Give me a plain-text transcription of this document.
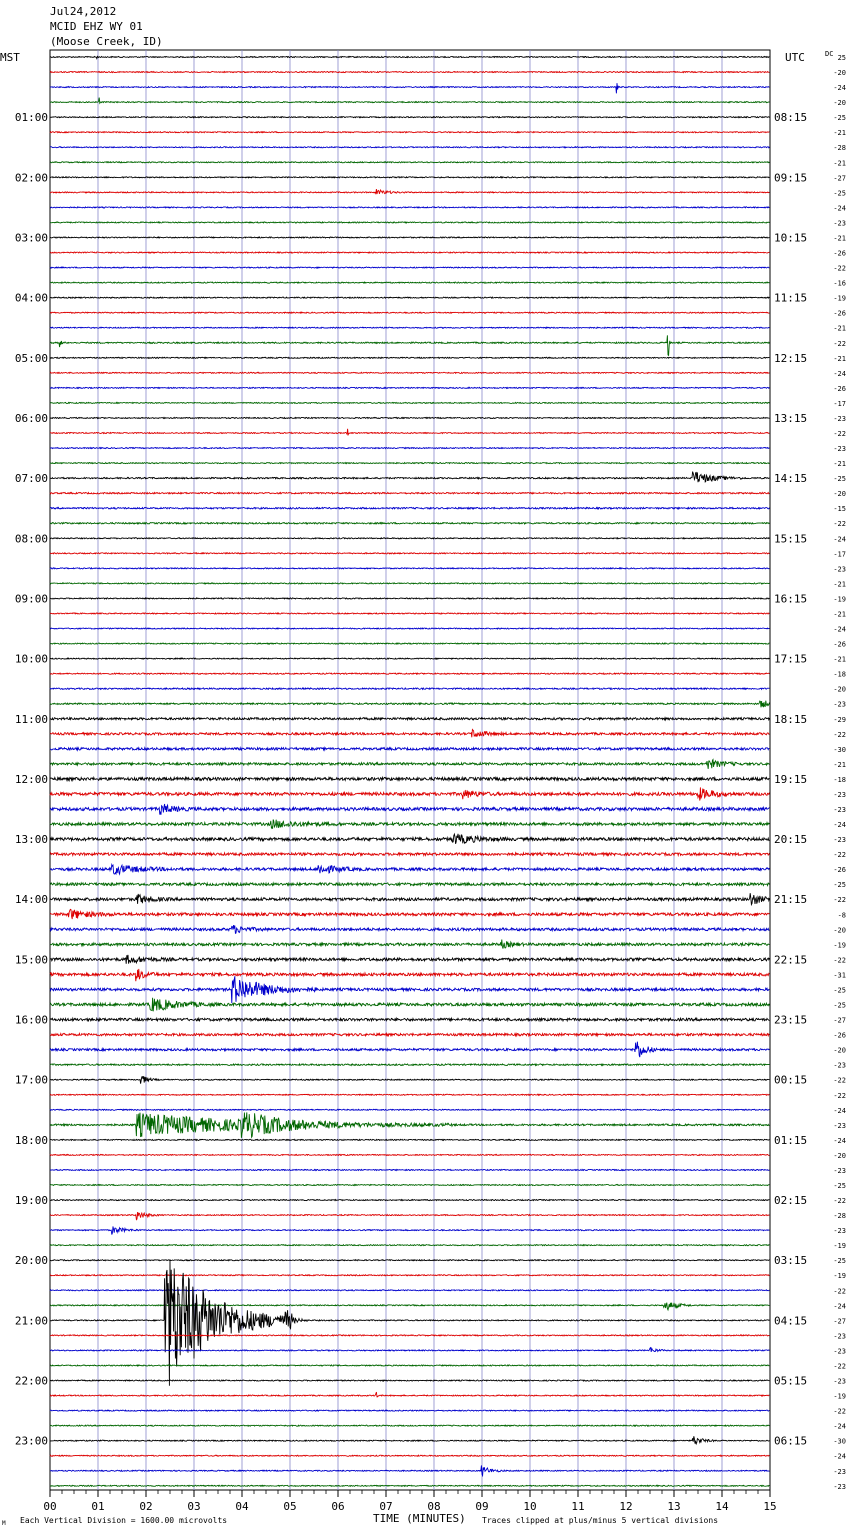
Jul24,2012
MCID EHZ WY 01
(Moose Creek, ID)
MST	UTC	DC
01:00
02:00
03:00
04:00
05:00
06:00
07:00
08:00
09:00
10:00
11:00
12:00
13:00
14:00
15:00
16:00
17:00
18:00
19:00
20:00
21:00
22:00
23:00
08:15
09:15
10:15
11:15
12:15
13:15
14:15
15:15
16:15
17:15
18:15
19:15
20:15
21:15
22:15
23:15
00:15
01:15
02:15
03:15
04:15
05:15
06:15
25
-20
-24
-20
-25
-21
-28
-21
-27
-25
-24
-23
-21
-26
-22
-16
-19
-26
-21
-22
-21
-24
-26
-17
-23
-22
-23
-21
-25
-20
-15
-22
-24
-17
-23
-21
-19
-21
-24
-26
-21
-18
-20
-23
-29
-22
-30
-21
-18
-23
-23
-24
-23
-22
-26
-25
-22
-8
-20
-19
-22
-31
-25
-25
-27
-26
-20
-23
-22
-22
-24
-23
-24
-20
-23
-25
-22
-28
-23
-19
-25
-19
-22
-24
-27
-23
-23
-22
-23
-19
-22
-24
-30
-24
-23
-23
00	01	02	03	04	05	06	07	08	09	10	11	12	13	14	15
M Each Vertical Division = 1600.00 microvolts	TIME (MINUTES) Traces clipped at plus/minus 5 vertical divisions
